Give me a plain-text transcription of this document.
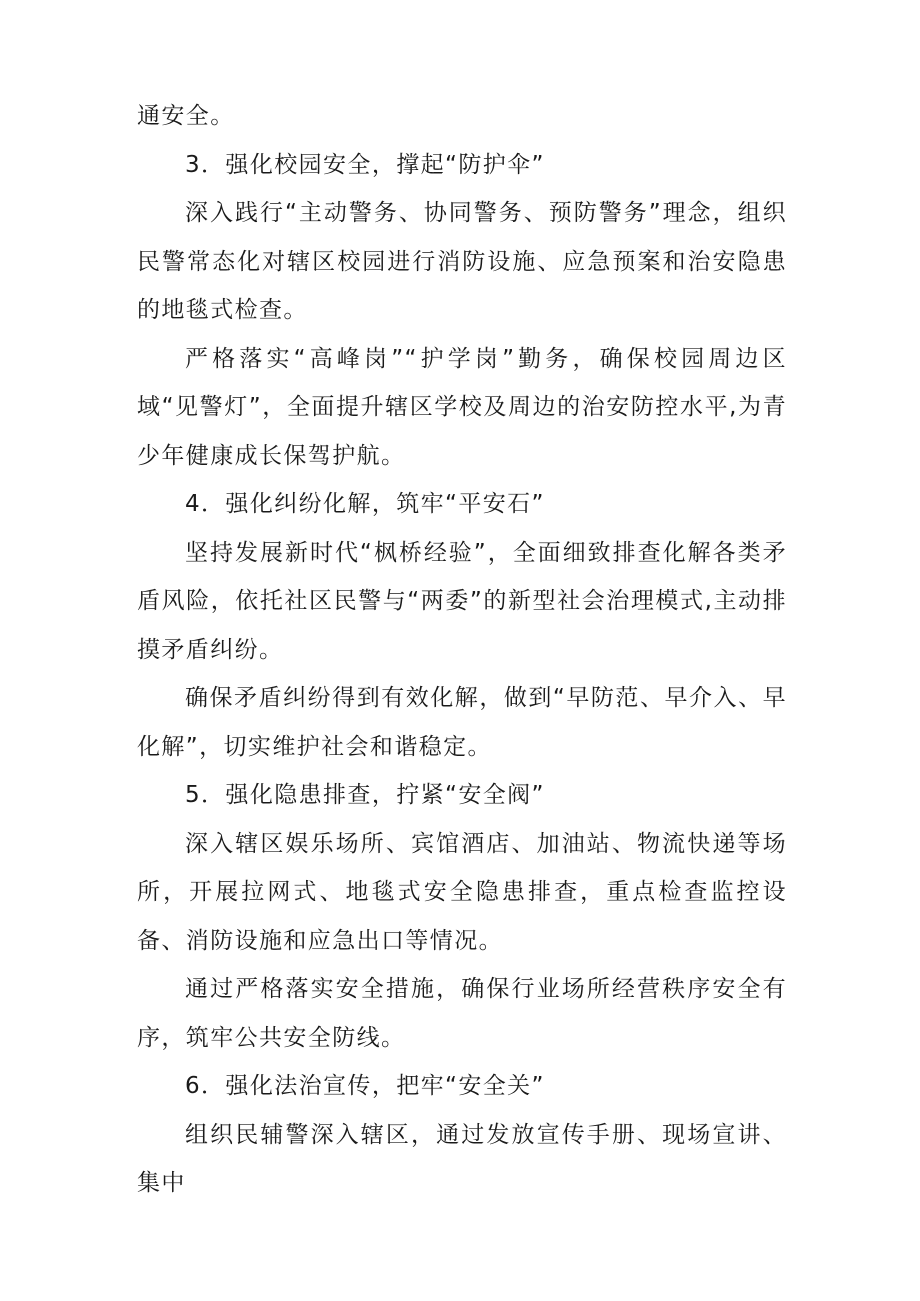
通安全。

3．强化校园安全，撑起“防护伞”

深入践行“主动警务、协同警务、预防警务”理念，组织民警常态化对辖区校园进行消防设施、应急预案和治安隐患的地毯式检查。

严格落实“高峰岗”“护学岗”勤务，确保校园周边区域“见警灯”，全面提升辖区学校及周边的治安防控水平,为青少年健康成长保驾护航。

4．强化纠纷化解，筑牢“平安石”

坚持发展新时代“枫桥经验”，全面细致排查化解各类矛盾风险，依托社区民警与“两委”的新型社会治理模式,主动排摸矛盾纠纷。

确保矛盾纠纷得到有效化解，做到“早防范、早介入、早化解”，切实维护社会和谐稳定。

5．强化隐患排查，拧紧“安全阀”

深入辖区娱乐场所、宾馆酒店、加油站、物流快递等场所，开展拉网式、地毯式安全隐患排查，重点检查监控设备、消防设施和应急出口等情况。

通过严格落实安全措施，确保行业场所经营秩序安全有序，筑牢公共安全防线。

6．强化法治宣传，把牢“安全关”

组织民辅警深入辖区，通过发放宣传手册、现场宣讲、集中
